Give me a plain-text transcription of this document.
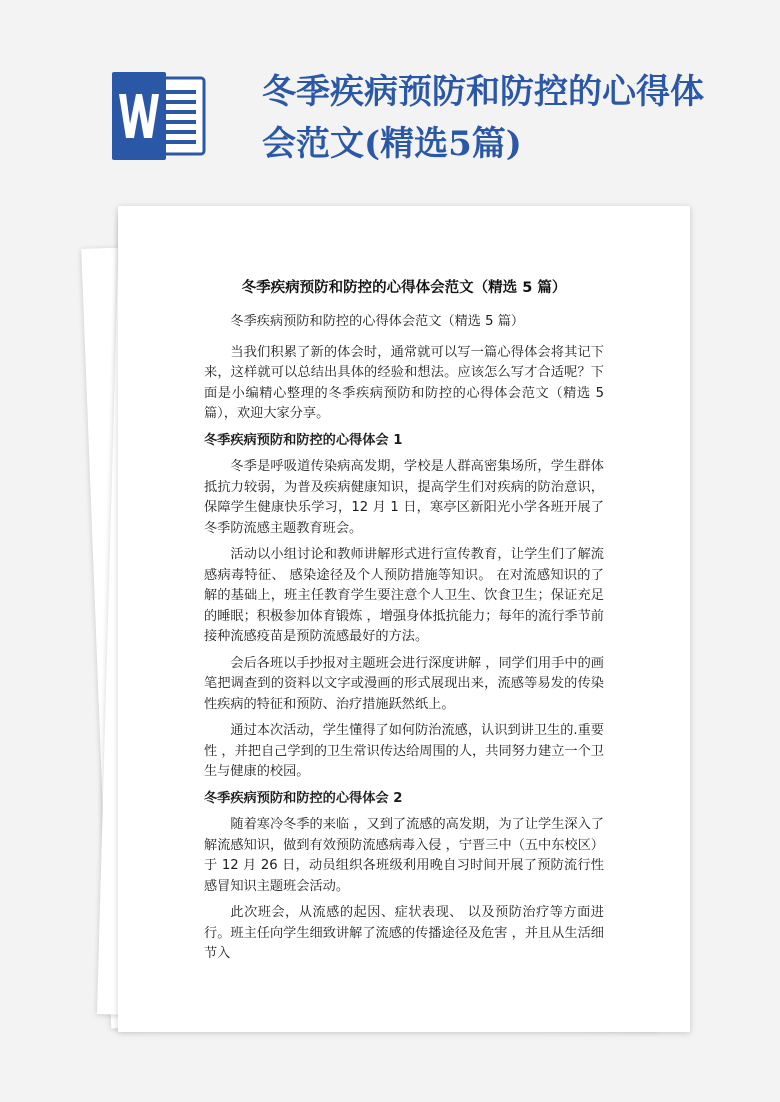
冬季疾病预防和防控的心得体会范文(精选5篇)
冬季疾病预防和防控的心得体会范文（精选 5 篇）

冬季疾病预防和防控的心得体会范文（精选 5 篇）

当我们积累了新的体会时，通常就可以写一篇心得体会将其记下来，这样就可以总结出具体的经验和想法。应该怎么写才合适呢？下面是小编精心整理的冬季疾病预防和防控的心得体会范文（精选 5篇），欢迎大家分享。

冬季疾病预防和防控的心得体会 1

冬季是呼吸道传染病高发期，学校是人群高密集场所，学生群体抵抗力较弱，为普及疾病健康知识，提高学生们对疾病的防治意识，保障学生健康快乐学习，12 月 1 日，寒亭区新阳光小学各班开展了冬季防流感主题教育班会。

活动以小组讨论和教师讲解形式进行宣传教育，让学生们了解流感病毒特征、 感染途径及个人预防措施等知识。 在对流感知识的了解的基础上，班主任教育学生要注意个人卫生、饮食卫生；保证充足的睡眠；积极参加体育锻炼 ，增强身体抵抗能力；每年的流行季节前接种流感疫苗是预防流感最好的方法。

会后各班以手抄报对主题班会进行深度讲解 ，同学们用手中的画笔把调查到的资料以文字或漫画的形式展现出来，流感等易发的传染性疾病的特征和预防、治疗措施跃然纸上。

通过本次活动，学生懂得了如何防治流感，认识到讲卫生的.重要性 ，并把自己学到的卫生常识传达给周围的人，共同努力建立一个卫生与健康的校园。

冬季疾病预防和防控的心得体会 2

随着寒冷冬季的来临 ，又到了流感的高发期，为了让学生深入了解流感知识，做到有效预防流感病毒入侵 ，宁晋三中（五中东校区）于 12 月 26 日，动员组织各班级利用晚自习时间开展了预防流行性感冒知识主题班会活动。

此次班会，从流感的起因、症状表现、 以及预防治疗等方面进行。班主任向学生细致讲解了流感的传播途径及危害 ，并且从生活细节入
